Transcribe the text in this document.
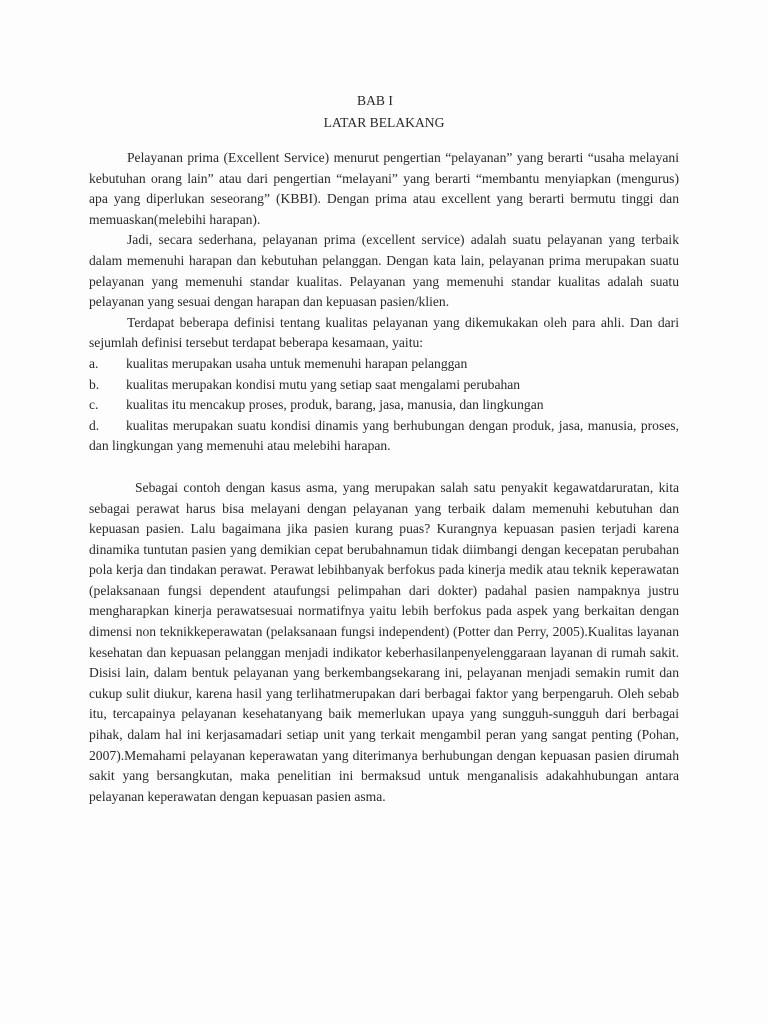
BAB I
LATAR BELAKANG

Pelayanan prima (Excellent Service) menurut pengertian “pelayanan” yang berarti “usaha melayani kebutuhan orang lain” atau dari pengertian “melayani” yang berarti “membantu menyiapkan (mengurus) apa yang diperlukan seseorang” (KBBI). Dengan prima atau excellent yang berarti bermutu tinggi dan memuaskan(melebihi harapan).

Jadi, secara sederhana, pelayanan prima (excellent service) adalah suatu pelayanan yang terbaik dalam memenuhi harapan dan kebutuhan pelanggan. Dengan kata lain, pelayanan prima merupakan suatu pelayanan yang memenuhi standar kualitas. Pelayanan yang memenuhi standar kualitas adalah suatu pelayanan yang sesuai dengan harapan dan kepuasan pasien/klien.

Terdapat beberapa definisi tentang kualitas pelayanan yang dikemukakan oleh para ahli. Dan dari sejumlah definisi tersebut terdapat beberapa kesamaan, yaitu:

a. kualitas merupakan usaha untuk memenuhi harapan pelanggan
b. kualitas merupakan kondisi mutu yang setiap saat mengalami perubahan
c. kualitas itu mencakup proses, produk, barang, jasa, manusia, dan lingkungan
d. kualitas merupakan suatu kondisi dinamis yang berhubungan dengan produk, jasa, manusia, proses, dan lingkungan yang memenuhi atau melebihi harapan.

Sebagai contoh dengan kasus asma, yang merupakan salah satu penyakit kegawatdaruratan, kita sebagai perawat harus bisa melayani dengan pelayanan yang terbaik dalam memenuhi kebutuhan dan kepuasan pasien. Lalu bagaimana jika pasien kurang puas? Kurangnya kepuasan pasien terjadi karena dinamika tuntutan pasien yang demikian cepat berubahnamun tidak diimbangi dengan kecepatan perubahan pola kerja dan tindakan perawat. Perawat lebihbanyak berfokus pada kinerja medik atau teknik keperawatan (pelaksanaan fungsi dependent ataufungsi pelimpahan dari dokter) padahal pasien nampaknya justru mengharapkan kinerja perawatsesuai normatifnya yaitu lebih berfokus pada aspek yang berkaitan dengan dimensi non teknikkeperawatan (pelaksanaan fungsi independent) (Potter dan Perry, 2005).Kualitas layanan kesehatan dan kepuasan pelanggan menjadi indikator keberhasilanpenyelenggaraan layanan di rumah sakit. Disisi lain, dalam bentuk pelayanan yang berkembangsekarang ini, pelayanan menjadi semakin rumit dan cukup sulit diukur, karena hasil yang terlihatmerupakan dari berbagai faktor yang berpengaruh. Oleh sebab itu, tercapainya pelayanan kesehatanyang baik memerlukan upaya yang sungguh-sungguh dari berbagai pihak, dalam hal ini kerjasamadari setiap unit yang terkait mengambil peran yang sangat penting (Pohan, 2007).Memahami pelayanan keperawatan yang diterimanya berhubungan dengan kepuasan pasien dirumah sakit yang bersangkutan, maka penelitian ini bermaksud untuk menganalisis adakahhubungan antara pelayanan keperawatan dengan kepuasan pasien asma.
